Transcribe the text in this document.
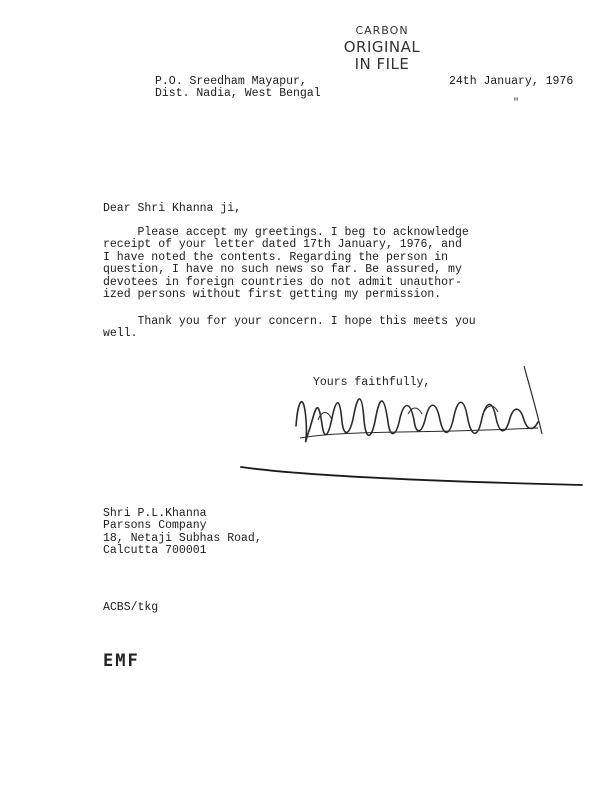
CARBON
ORIGINAL
IN FILE
P.O. Sreedham Mayapur,
Dist. Nadia, West Bengal
24th January, 1976
"
Dear Shri Khanna ji,
Please accept my greetings. I beg to acknowledge
receipt of your letter dated 17th January, 1976, and
I have noted the contents. Regarding the person in
question, I have no such news so far. Be assured, my
devotees in foreign countries do not admit unauthor-
ized persons without first getting my permission.
Thank you for your concern. I hope this meets you
well.
Yours faithfully,
Shri P.L.Khanna
Parsons Company
18, Netaji Subhas Road,
Calcutta 700001
ACBS/tkg
EMF
